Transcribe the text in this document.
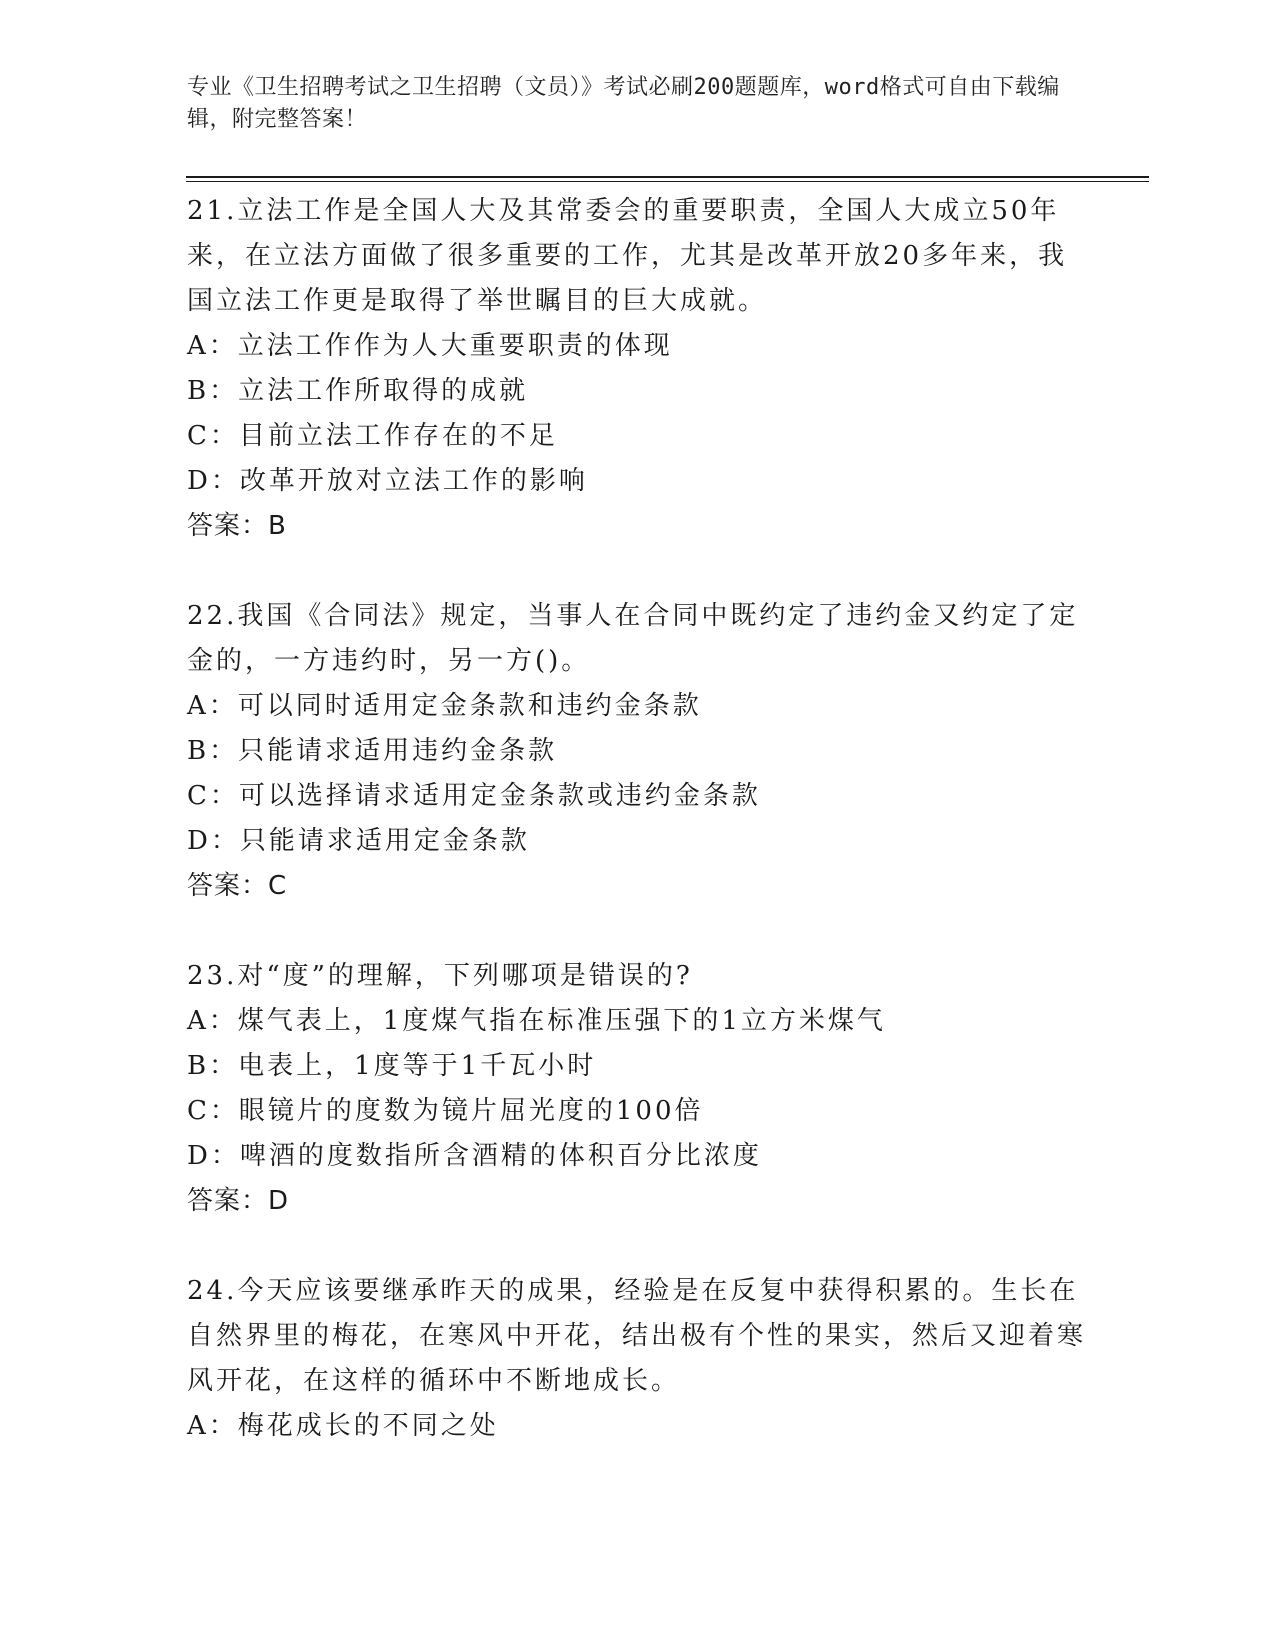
专业《卫生招聘考试之卫生招聘（文员）》考试必刷200题题库，word格式可自由下载编辑，附完整答案！

21.立法工作是全国人大及其常委会的重要职责，全国人大成立50年来，在立法方面做了很多重要的工作，尤其是改革开放20多年来，我国立法工作更是取得了举世瞩目的巨大成就。

A：立法工作作为人大重要职责的体现
B：立法工作所取得的成就
C：目前立法工作存在的不足
D：改革开放对立法工作的影响
答案：B

22.我国《合同法》规定，当事人在合同中既约定了违约金又约定了定金的，一方违约时，另一方()。

A：可以同时适用定金条款和违约金条款
B：只能请求适用违约金条款
C：可以选择请求适用定金条款或违约金条款
D：只能请求适用定金条款
答案：C

23.对“度”的理解，下列哪项是错误的?

A：煤气表上，1度煤气指在标准压强下的1立方米煤气
B：电表上，1度等于1千瓦小时
C：眼镜片的度数为镜片屈光度的100倍
D：啤酒的度数指所含酒精的体积百分比浓度
答案：D

24.今天应该要继承昨天的成果，经验是在反复中获得积累的。生长在自然界里的梅花，在寒风中开花，结出极有个性的果实，然后又迎着寒风开花，在这样的循环中不断地成长。

A：梅花成长的不同之处
